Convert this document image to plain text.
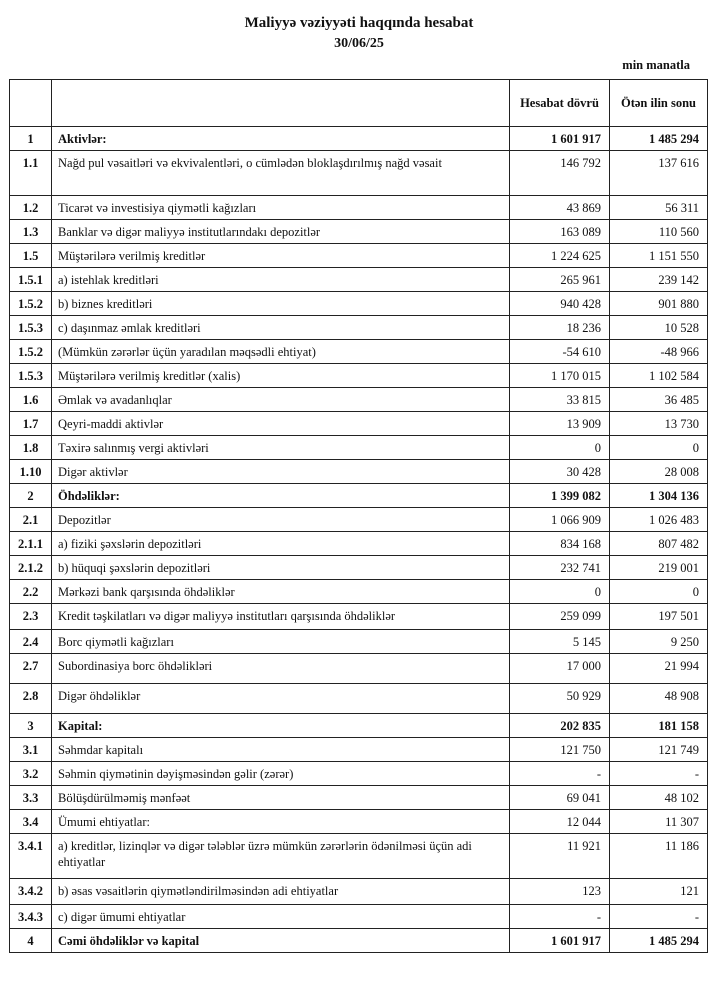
Maliyyə vəziyyəti haqqında hesabat
30/06/25
min manatla
		Hesabat dövrü	Ötən ilin sonu
1	Aktivlər:	1 601 917	1 485 294
1.1	Nağd pul vəsaitləri və ekvivalentləri, o cümlədən bloklaşdırılmış nağd vəsait	146 792	137 616
1.2	Ticarət və investisiya qiymətli kağızları	43 869	56 311
1.3	Banklar və digər maliyyə institutlarındakı depozitlər	163 089	110 560
1.5	Müştərilərə verilmiş kreditlər	1 224 625	1 151 550
1.5.1	a) istehlak kreditləri	265 961	239 142
1.5.2	b) biznes kreditləri	940 428	901 880
1.5.3	c) daşınmaz əmlak kreditləri	18 236	10 528
1.5.2	(Mümkün zərərlər üçün yaradılan məqsədli ehtiyat)	-54 610	-48 966
1.5.3	Müştərilərə verilmiş kreditlər (xalis)	1 170 015	1 102 584
1.6	Əmlak və avadanlıqlar	33 815	36 485
1.7	Qeyri-maddi aktivlər	13 909	13 730
1.8	Təxirə salınmış vergi aktivləri	0	0
1.10	Digər aktivlər	30 428	28 008
2	Öhdəliklər:	1 399 082	1 304 136
2.1	Depozitlər	1 066 909	1 026 483
2.1.1	a) fiziki şəxslərin depozitləri	834 168	807 482
2.1.2	b) hüquqi şəxslərin depozitləri	232 741	219 001
2.2	Mərkəzi bank qarşısında öhdəliklər	0	0
2.3	Kredit təşkilatları və digər maliyyə institutları qarşısında öhdəliklər	259 099	197 501
2.4	Borc qiymətli kağızları	5 145	9 250
2.7	Subordinasiya borc öhdəlikləri	17 000	21 994
2.8	Digər öhdəliklər	50 929	48 908
3	Kapital:	202 835	181 158
3.1	Səhmdar kapitalı	121 750	121 749
3.2	Səhmin qiymətinin dəyişməsindən gəlir (zərər)	-	-
3.3	Bölüşdürülməmiş mənfəət	69 041	48 102
3.4	Ümumi ehtiyatlar:	12 044	11 307
3.4.1	a) kreditlər, lizinqlər və digər tələblər üzrə mümkün zərərlərin ödənilməsi üçün adi ehtiyatlar	11 921	11 186
3.4.2	b) əsas vəsaitlərin qiymətləndirilməsindən adi ehtiyatlar	123	121
3.4.3	c) digər ümumi ehtiyatlar	-	-
4	Cəmi öhdəliklər və kapital	1 601 917	1 485 294
